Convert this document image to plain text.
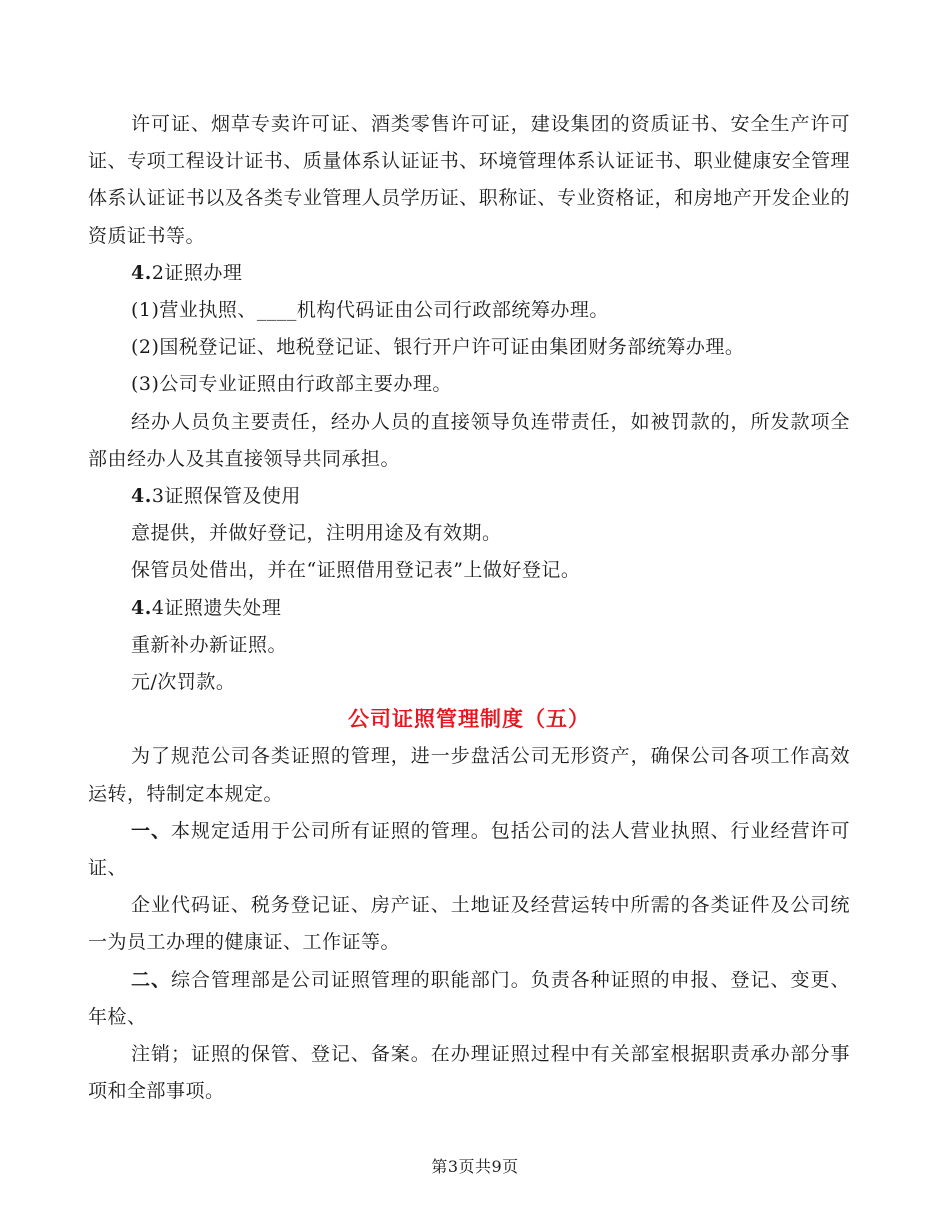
许可证、烟草专卖许可证、酒类零售许可证，建设集团的资质证书、安全生产许可证、专项工程设计证书、质量体系认证证书、环境管理体系认证证书、职业健康安全管理体系认证证书以及各类专业管理人员学历证、职称证、专业资格证，和房地产开发企业的资质证书等。

4.2证照办理

(1)营业执照、____机构代码证由公司行政部统筹办理。

(2)国税登记证、地税登记证、银行开户许可证由集团财务部统筹办理。

(3)公司专业证照由行政部主要办理。

经办人员负主要责任，经办人员的直接领导负连带责任，如被罚款的，所发款项全部由经办人及其直接领导共同承担。

4.3证照保管及使用

意提供，并做好登记，注明用途及有效期。

保管员处借出，并在“证照借用登记表”上做好登记。

4.4证照遗失处理

重新补办新证照。

元/次罚款。

公司证照管理制度（五）

为了规范公司各类证照的管理，进一步盘活公司无形资产，确保公司各项工作高效运转，特制定本规定。

一、本规定适用于公司所有证照的管理。包括公司的法人营业执照、行业经营许可证、

企业代码证、税务登记证、房产证、土地证及经营运转中所需的各类证件及公司统一为员工办理的健康证、工作证等。

二、综合管理部是公司证照管理的职能部门。负责各种证照的申报、登记、变更、年检、

注销；证照的保管、登记、备案。在办理证照过程中有关部室根据职责承办部分事项和全部事项。

第3页共9页
